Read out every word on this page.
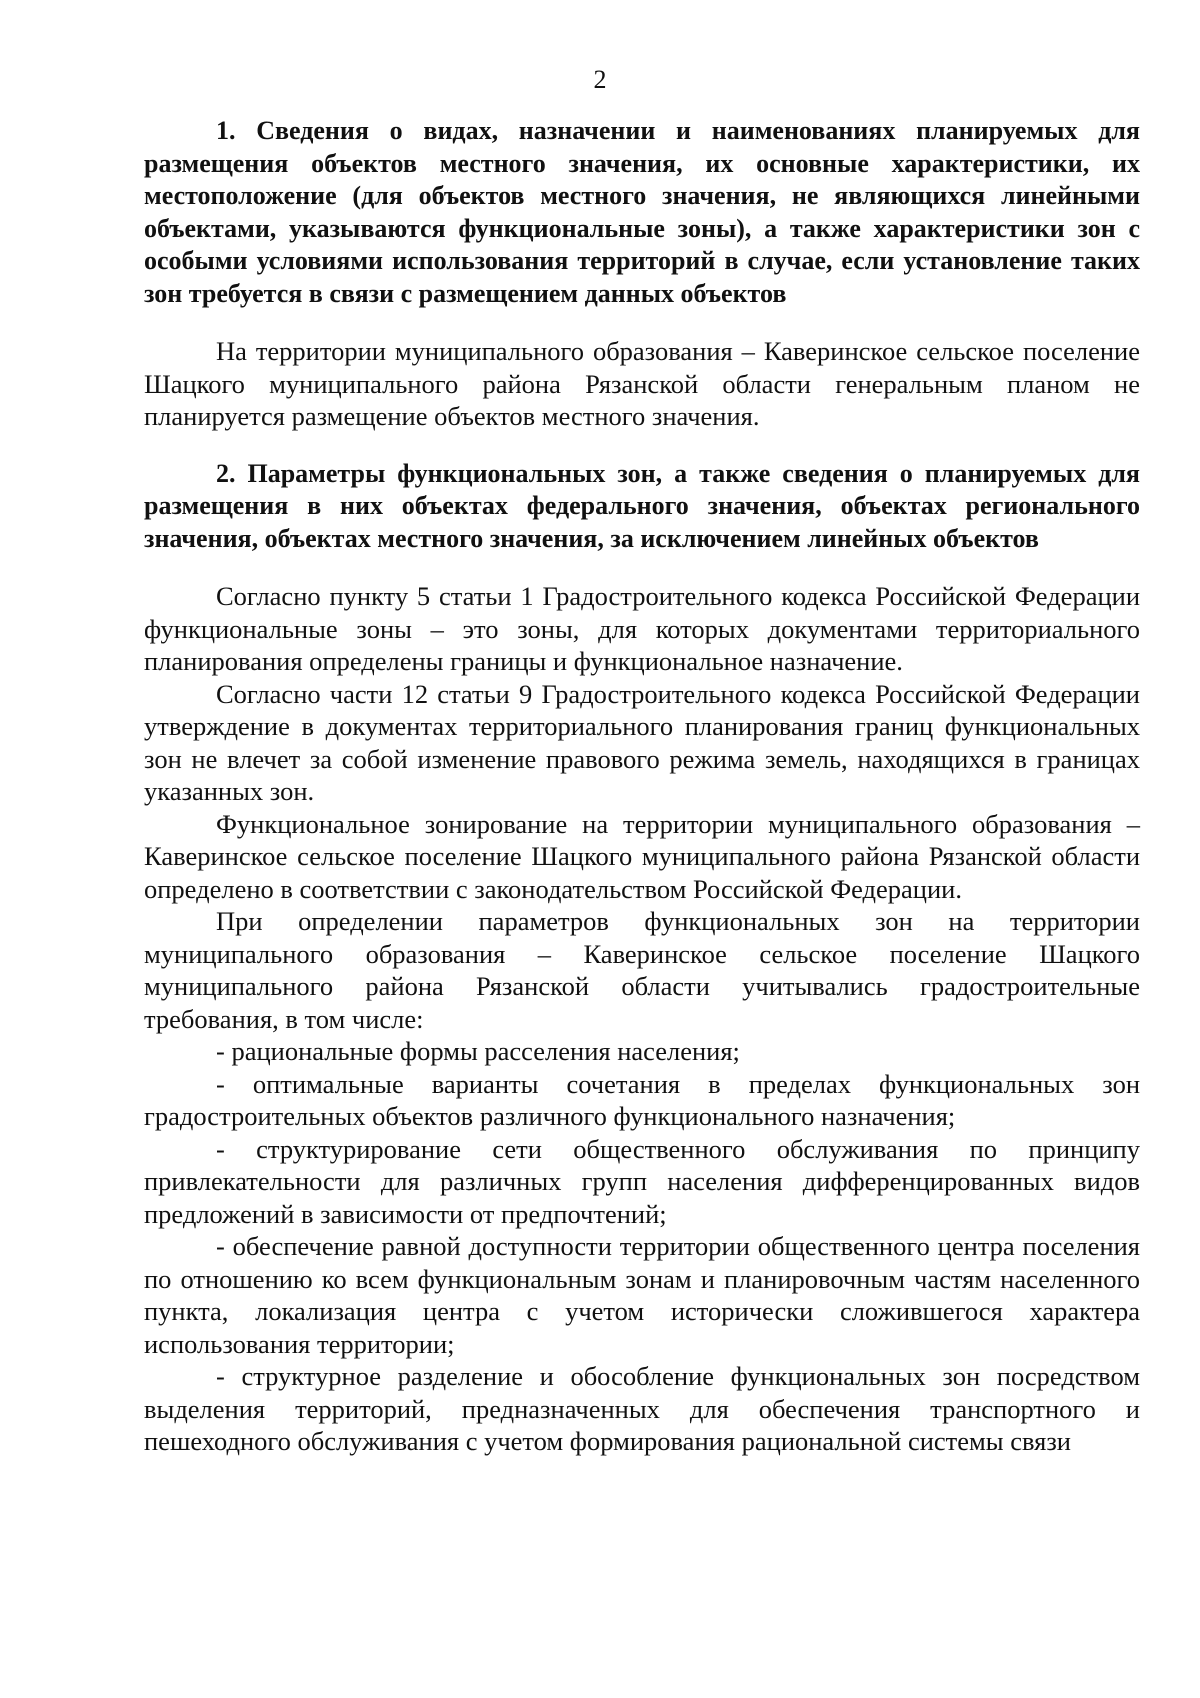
2

1. Сведения о видах, назначении и наименованиях планируемых для размещения объектов местного значения, их основные характеристики, их местоположение (для объектов местного значения, не являющихся линейными объектами, указываются функциональные зоны), а также характеристики зон с особыми условиями использования территорий в случае, если установление таких зон требуется в связи с размещением данных объектов

На территории муниципального образования – Каверинское сельское поселение Шацкого муниципального района Рязанской области генеральным планом не планируется размещение объектов местного значения.

2. Параметры функциональных зон, а также сведения о планируемых для размещения в них объектах федерального значения, объектах регионального значения, объектах местного значения, за исключением линейных объектов

Согласно пункту 5 статьи 1 Градостроительного кодекса Российской Федерации функциональные зоны – это зоны, для которых документами территориального планирования определены границы и функциональное назначение.

Согласно части 12 статьи 9 Градостроительного кодекса Российской Федерации утверждение в документах территориального планирования границ функциональных зон не влечет за собой изменение правового режима земель, находящихся в границах указанных зон.

Функциональное зонирование на территории муниципального образования – Каверинское сельское поселение Шацкого муниципального района Рязанской области определено в соответствии с законодательством Российской Федерации.

При определении параметров функциональных зон на территории муниципального образования – Каверинское сельское поселение Шацкого муниципального района Рязанской области учитывались градостроительные требования, в том числе:

- рациональные формы расселения населения;

- оптимальные варианты сочетания в пределах функциональных зон градостроительных объектов различного функционального назначения;

- структурирование сети общественного обслуживания по принципу привлекательности для различных групп населения дифференцированных видов предложений в зависимости от предпочтений;

- обеспечение равной доступности территории общественного центра поселения по отношению ко всем функциональным зонам и планировочным частям населенного пункта, локализация центра с учетом исторически сложившегося характера использования территории;

- структурное разделение и обособление функциональных зон посредством выделения территорий, предназначенных для обеспечения транспортного и пешеходного обслуживания с учетом формирования рациональной системы связи
